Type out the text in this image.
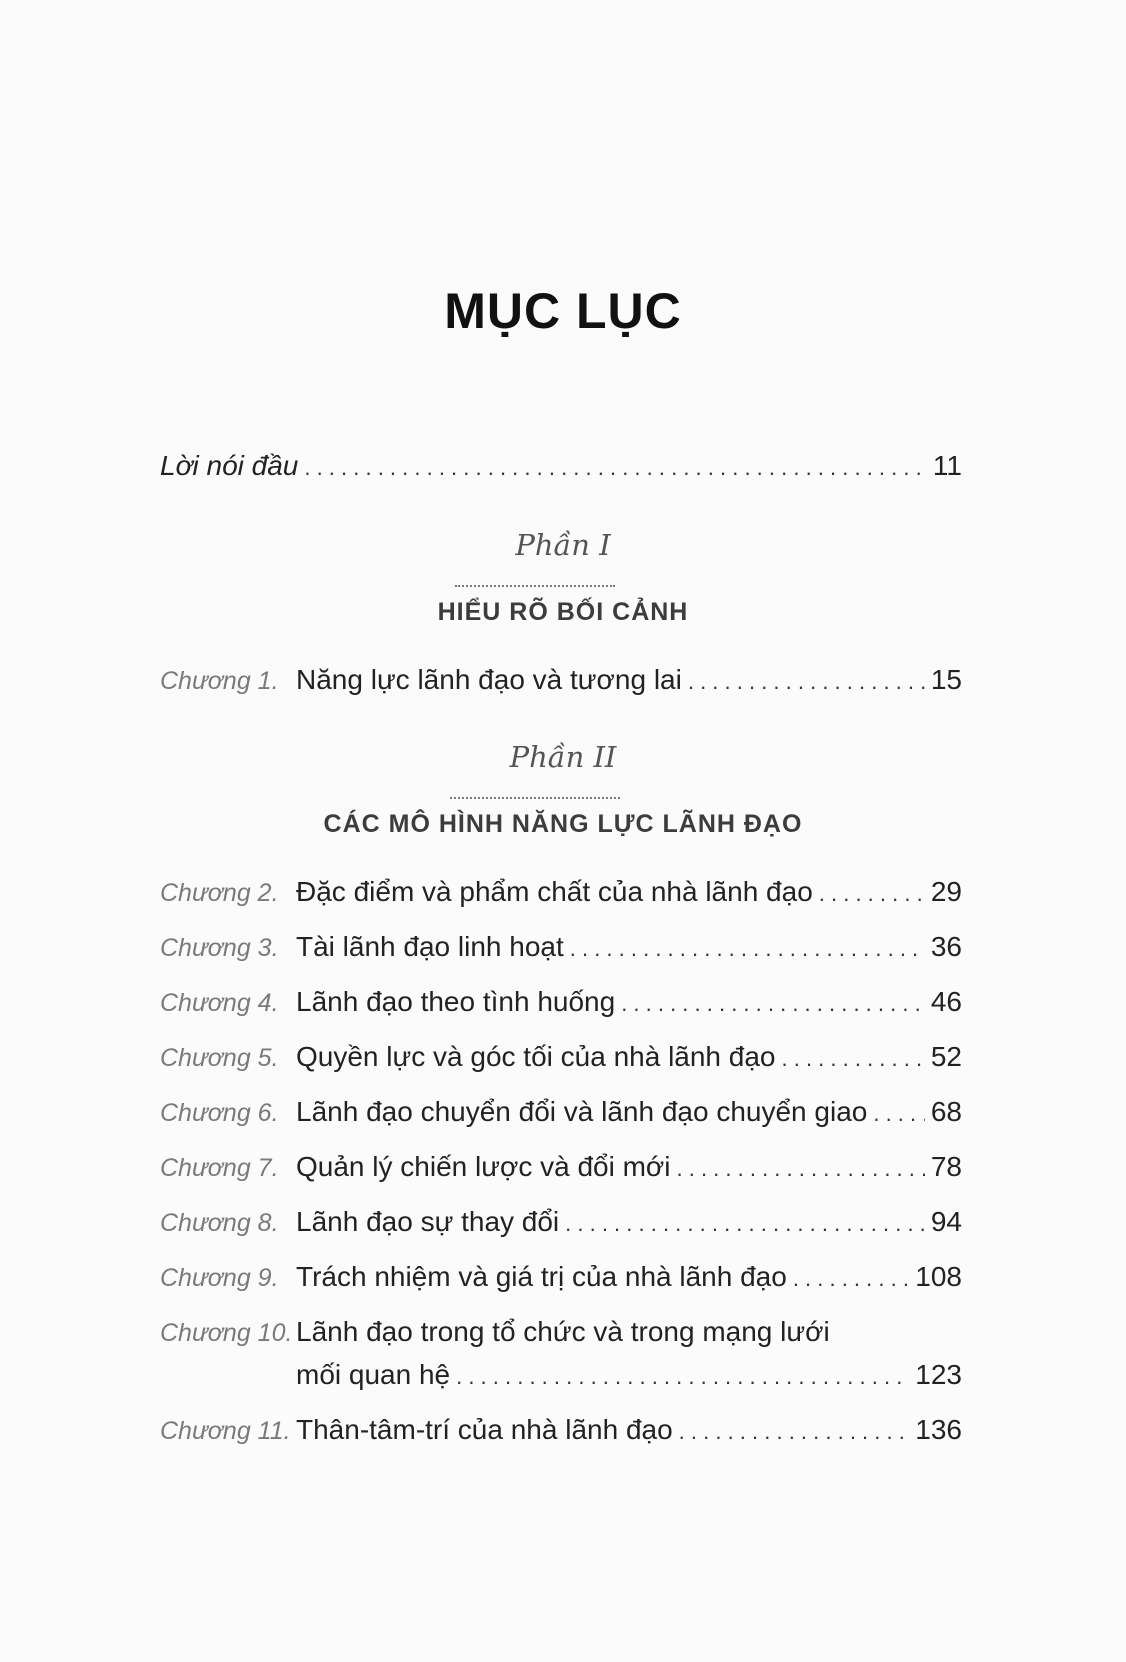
MỤC LỤC
Lời nói đầu . . .	11
Phần I
HIỂU RÕ BỐI CẢNH
Chương 1. Năng lực lãnh đạo và tương lai . . .	15
Phần II
CÁC MÔ HÌNH NĂNG LỰC LÃNH ĐẠO
Chương 2. Đặc điểm và phẩm chất của nhà lãnh đạo . . .	29
Chương 3. Tài lãnh đạo linh hoạt . . .	36
Chương 4. Lãnh đạo theo tình huống . . .	46
Chương 5. Quyền lực và góc tối của nhà lãnh đạo . . .	52
Chương 6. Lãnh đạo chuyển đổi và lãnh đạo chuyển giao . . . 68
Chương 7. Quản lý chiến lược và đổi mới . . .	78
Chương 8. Lãnh đạo sự thay đổi . . .	94
Chương 9. Trách nhiệm và giá trị của nhà lãnh đạo . . .	108
Chương 10. Lãnh đạo trong tổ chức và trong mạng lưới
mối quan hệ . . .	123
Chương 11. Thân-tâm-trí của nhà lãnh đạo . . .	136
